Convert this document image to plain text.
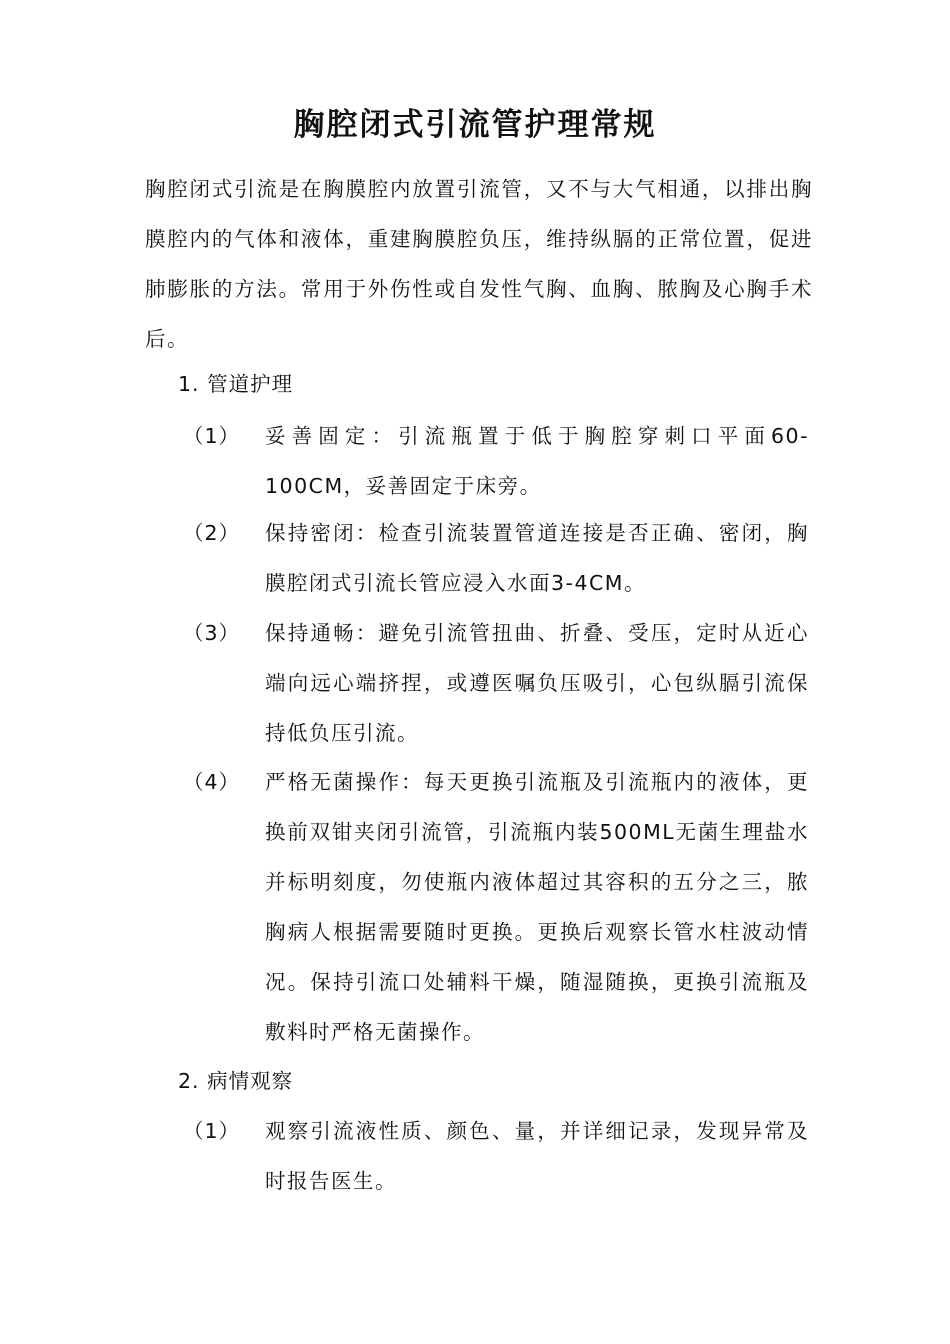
胸腔闭式引流管护理常规

胸腔闭式引流是在胸膜腔内放置引流管，又不与大气相通，以排出胸膜腔内的气体和液体，重建胸膜腔负压，维持纵膈的正常位置，促进肺膨胀的方法。常用于外伤性或自发性气胸、血胸、脓胸及心胸手术后。

1. 管道护理

（1）	妥善固定：引流瓶置于低于胸腔穿刺口平面60-100CM，妥善固定于床旁。
（2）	保持密闭：检查引流装置管道连接是否正确、密闭，胸膜腔闭式引流长管应浸入水面3-4CM。
（3）	保持通畅：避免引流管扭曲、折叠、受压，定时从近心端向远心端挤捏，或遵医嘱负压吸引，心包纵膈引流保持低负压引流。
（4）	严格无菌操作：每天更换引流瓶及引流瓶内的液体，更换前双钳夹闭引流管，引流瓶内装500ML无菌生理盐水并标明刻度，勿使瓶内液体超过其容积的五分之三，脓胸病人根据需要随时更换。更换后观察长管水柱波动情况。保持引流口处辅料干燥，随湿随换，更换引流瓶及敷料时严格无菌操作。

2. 病情观察

（1）	观察引流液性质、颜色、量，并详细记录，发现异常及时报告医生。
